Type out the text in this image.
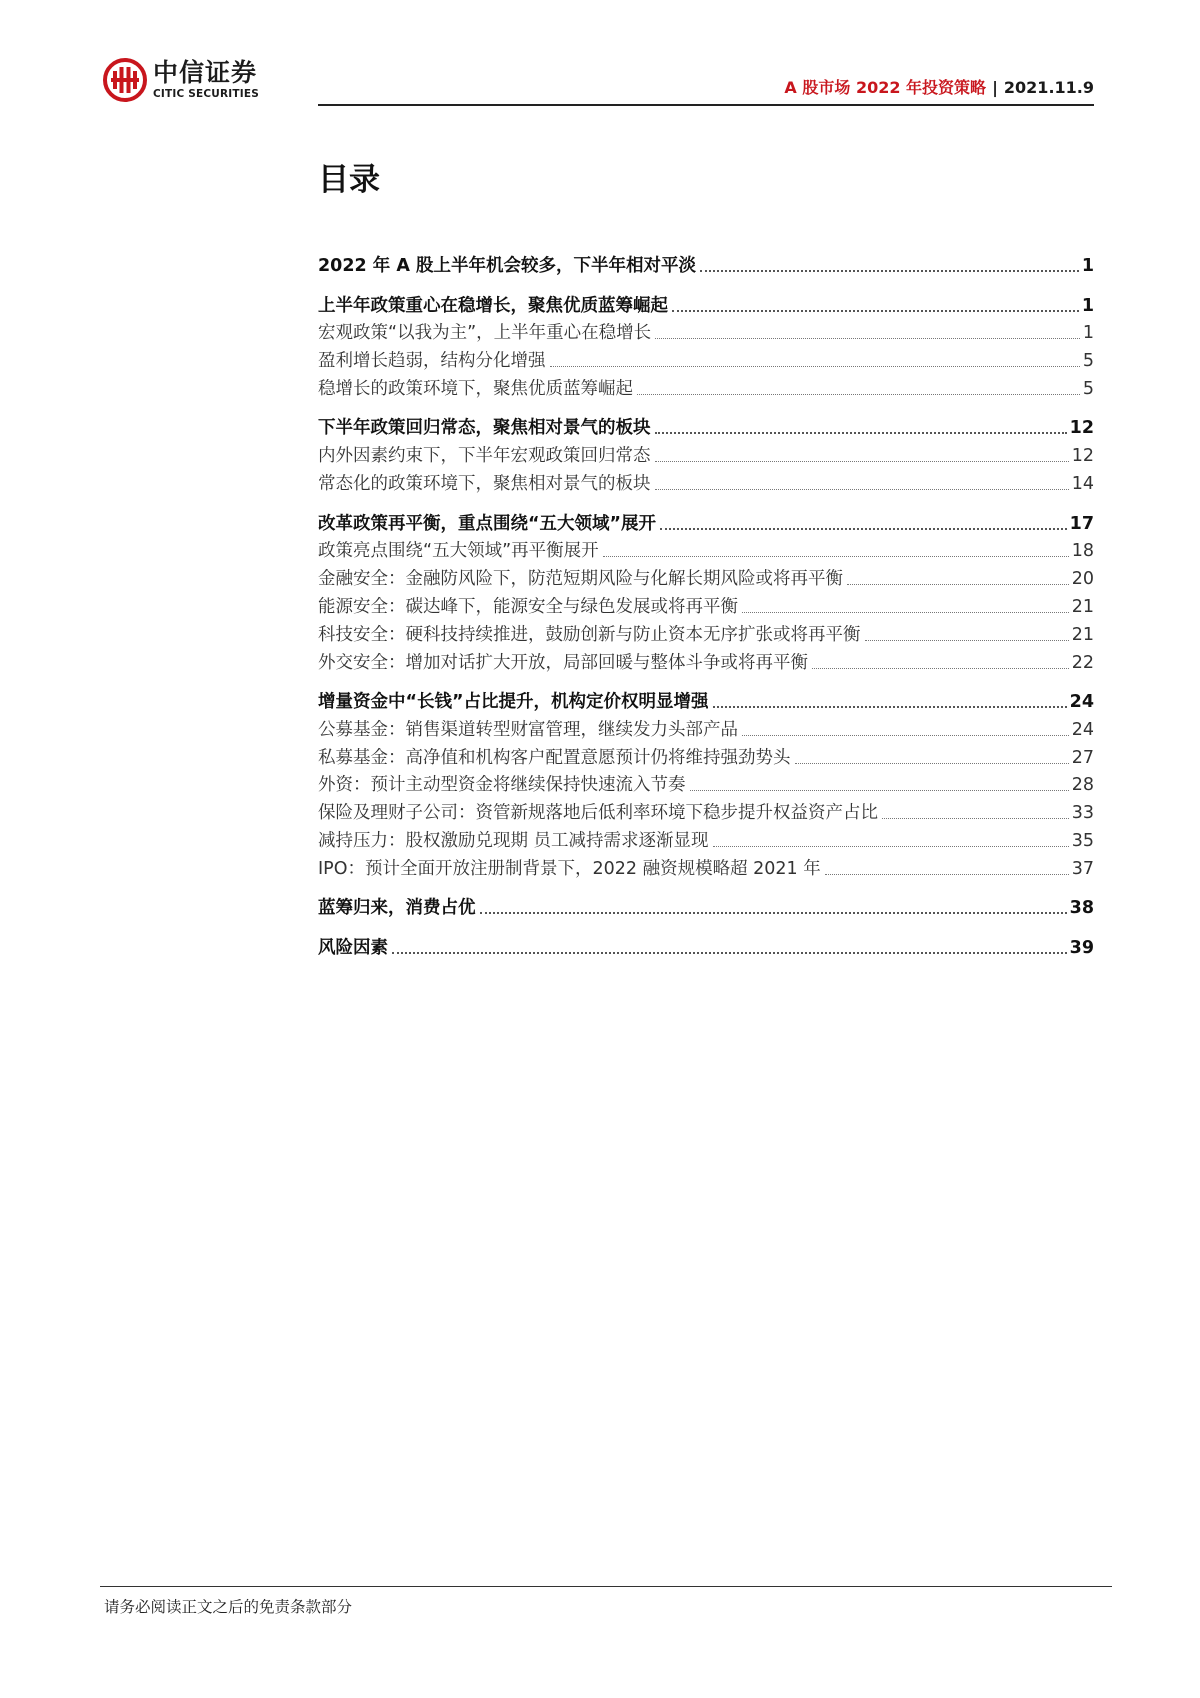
中信证券
CITIC SECURITIES	A 股市场 2022 年投资策略 | 2021.11.9
目录
2022 年 A 股上半年机会较多，下半年相对平淡	1
上半年政策重心在稳增长，聚焦优质蓝筹崛起	1
宏观政策“以我为主”，上半年重心在稳增长	1
盈利增长趋弱，结构分化增强	5
稳增长的政策环境下，聚焦优质蓝筹崛起	5
下半年政策回归常态，聚焦相对景气的板块	12
内外因素约束下，下半年宏观政策回归常态	12
常态化的政策环境下，聚焦相对景气的板块	14
改革政策再平衡，重点围绕“五大领域”展开	17
政策亮点围绕“五大领域”再平衡展开	18
金融安全：金融防风险下，防范短期风险与化解长期风险或将再平衡	20
能源安全：碳达峰下，能源安全与绿色发展或将再平衡	21
科技安全：硬科技持续推进，鼓励创新与防止资本无序扩张或将再平衡	21
外交安全：增加对话扩大开放，局部回暖与整体斗争或将再平衡	22
增量资金中“长钱”占比提升，机构定价权明显增强	24
公募基金：销售渠道转型财富管理，继续发力头部产品	24
私募基金：高净值和机构客户配置意愿预计仍将维持强劲势头	27
外资：预计主动型资金将继续保持快速流入节奏	28
保险及理财子公司：资管新规落地后低利率环境下稳步提升权益资产占比	33
减持压力：股权激励兑现期 员工减持需求逐渐显现	35
IPO：预计全面开放注册制背景下，2022 融资规模略超 2021 年	37
蓝筹归来，消费占优	38
风险因素	39
请务必阅读正文之后的免责条款部分
